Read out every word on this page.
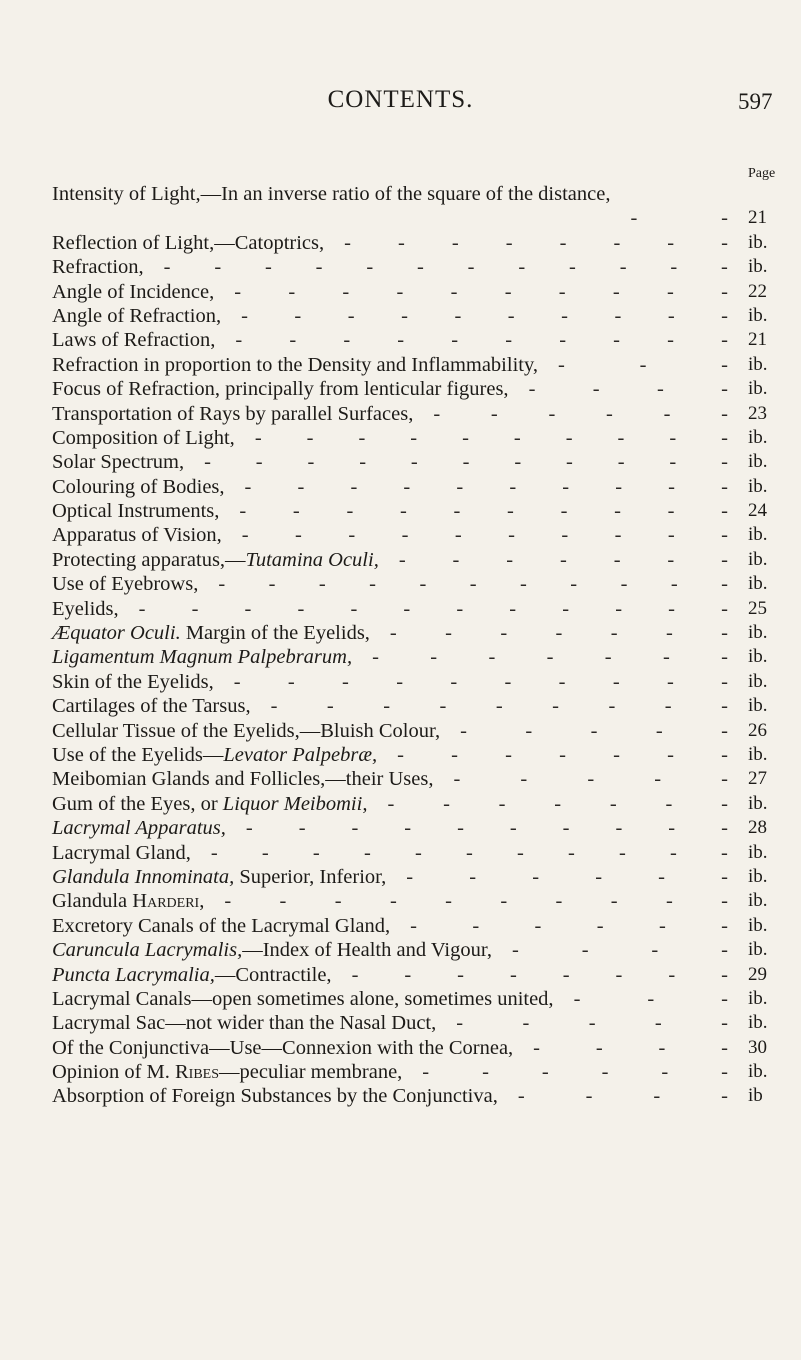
CONTENTS.	597
Page
Intensity of Light,—In an inverse ratio of the square of the distance,
21
-	-
Reflection of Light,—Catoptrics,	ib.
- - - - - - - -
Refraction,	ib.
- - - - - - - - - - - -
Angle of Incidence,	22
- - - - - - - - - -
Angle of Refraction,	ib.
- - - - - - - - - -
Laws of Refraction,	21
- - - - - - - - - -
Refraction in proportion to the Density and Inflammability,	ib.
-	-	-
Focus of Refraction, principally from lenticular figures,	ib.
-	-	-	-
Transportation of Rays by parallel Surfaces,	23
- - - - - -
Composition of Light,	ib.
- - - - - - - - - -
Solar Spectrum,	ib.
- - - - - - - - - - -
Colouring of Bodies,	ib.
- - - - - - - - - -
Optical Instruments,	24
- - - - - - - - - -
Apparatus of Vision,	ib.
- - - - - - - - - -
Protecting apparatus,—Tutamina Oculi,	ib.
- - - - - - -
Use of Eyebrows,	ib.
- - - - - - - - - - -
Eyelids,	25
- - - - - - - - - - - -
Æquator Oculi. Margin of the Eyelids,	ib.
- - - - - - -
Ligamentum Magnum Palpebrarum,	ib.
-	-	-	-	-	-	-
Skin of the Eyelids,	ib.
- - - - - - - - - -
Cartilages of the Tarsus,	ib.
- - - - - - - - -
Cellular Tissue of the Eyelids,—Bluish Colour,	26
-	-	-	-	-
Use of the Eyelids—Levator Palpebræ,	ib.
- - - - - - -
Meibomian Glands and Follicles,—their Uses,	27
-	-	-	-	-
Gum of the Eyes, or Liquor Meibomii,	ib.
- - - - - - -
Lacrymal Apparatus,	28
- - - - - - - - - -
Lacrymal Gland,	ib.
- - - - - - - - - - -
Glandula Innominata, Superior, Inferior,	ib.
-	-	-	-	-	-
Glandula Harderi,	ib.
- - - - - - - - - -
Excretory Canals of the Lacrymal Gland,	ib.
-	-	-	-	-	-
Caruncula Lacrymalis,—Index of Health and Vigour,	ib.
-	-	-	-
Puncta Lacrymalia,—Contractile,	29
- - - - - - - -
Lacrymal Canals—open sometimes alone, sometimes united,	ib.
-	-	-
Lacrymal Sac—not wider than the Nasal Duct,	ib.
-	-	-	-	-
Of the Conjunctiva—Use—Connexion with the Cornea,	30
-	-	-	-
Opinion of M. Ribes—peculiar membrane,	ib.
-	-	-	-	-	-
Absorption of Foreign Substances by the Conjunctiva,	ib
-	-	-	-
